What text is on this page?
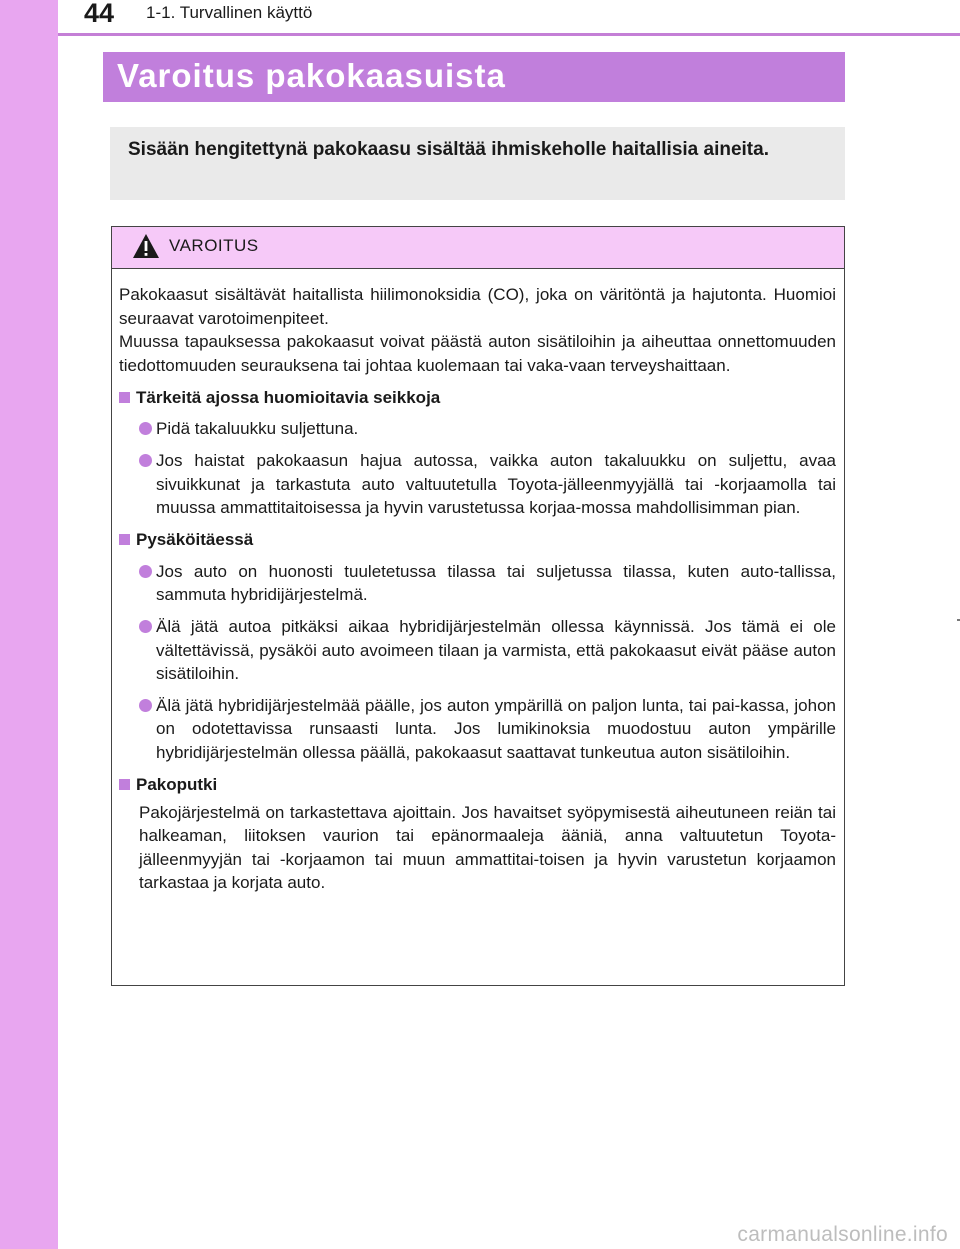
44	1-1. Turvallinen käyttö
Varoitus pakokaasuista
Sisään hengitettynä pakokaasu sisältää ihmiskeholle haitallisia aineita.
VAROITUS

Pakokaasut sisältävät haitallista hiilimonoksidia (CO), joka on väritöntä ja hajutonta. Huomioi seuraavat varotoimenpiteet.

Muussa tapauksessa pakokaasut voivat päästä auton sisätiloihin ja aiheuttaa onnettomuuden tiedottomuuden seurauksena tai johtaa kuolemaan tai vaka-vaan terveyshaittaan.

Tärkeitä ajossa huomioitavia seikkoja
Pidä takaluukku suljettuna.
Jos haistat pakokaasun hajua autossa, vaikka auton takaluukku on suljettu, avaa sivuikkunat ja tarkastuta auto valtuutetulla Toyota-jälleenmyyjällä tai -korjaamolla tai muussa ammattitaitoisessa ja hyvin varustetussa korjaa-mossa mahdollisimman pian.
Pysäköitäessä
Jos auto on huonosti tuuletetussa tilassa tai suljetussa tilassa, kuten auto-tallissa, sammuta hybridijärjestelmä.
Älä jätä autoa pitkäksi aikaa hybridijärjestelmän ollessa käynnissä. Jos tämä ei ole vältettävissä, pysäköi auto avoimeen tilaan ja varmista, että pakokaasut eivät pääse auton sisätiloihin.
Älä jätä hybridijärjestelmää päälle, jos auton ympärillä on paljon lunta, tai pai-kassa, johon on odotettavissa runsaasti lunta. Jos lumikinoksia muodostuu auton ympärille hybridijärjestelmän ollessa päällä, pakokaasut saattavat tunkeutua auton sisätiloihin.
Pakoputki
Pakojärjestelmä on tarkastettava ajoittain. Jos havaitset syöpymisestä aiheutuneen reiän tai halkeaman, liitoksen vaurion tai epänormaaleja ääniä, anna valtuutetun Toyota-jälleenmyyjän tai -korjaamon tai muun ammattitai-toisen ja hyvin varustetun korjaamon tarkastaa ja korjata auto.
carmanualsonline.info
